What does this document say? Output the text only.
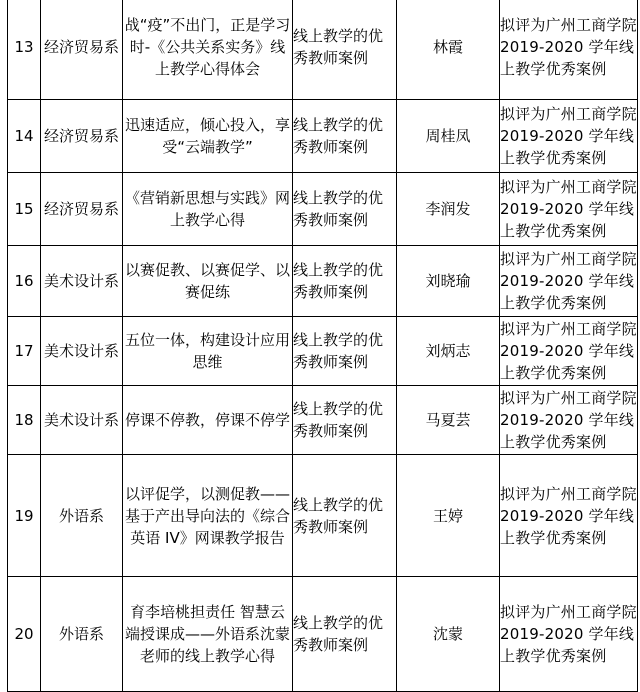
13	经济贸易系	战“疫”不出门，正是学习时-《公共关系实务》线上教学心得体会	线上教学的优秀教师案例	林霞	拟评为广州工商学院 2019-2020 学年线上教学优秀案例
14	经济贸易系	迅速适应，倾心投入，享受“云端教学”	线上教学的优秀教师案例	周桂凤	拟评为广州工商学院 2019-2020 学年线上教学优秀案例
15	经济贸易系	《营销新思想与实践》网上教学心得	线上教学的优秀教师案例	李润发	拟评为广州工商学院 2019-2020 学年线上教学优秀案例
16	美术设计系	以赛促教、以赛促学、以赛促练	线上教学的优秀教师案例	刘晓瑜	拟评为广州工商学院 2019-2020 学年线上教学优秀案例
17	美术设计系	五位一体，构建设计应用思维	线上教学的优秀教师案例	刘炳志	拟评为广州工商学院 2019-2020 学年线上教学优秀案例
18	美术设计系	停课不停教，停课不停学	线上教学的优秀教师案例	马夏芸	拟评为广州工商学院 2019-2020 学年线上教学优秀案例
19	外语系	以评促学，以测促教——基于产出导向法的《综合英语 IV》网课教学报告	线上教学的优秀教师案例	王婷	拟评为广州工商学院 2019-2020 学年线上教学优秀案例
20	外语系	育李培桃担责任 智慧云端授课成——外语系沈蒙老师的线上教学心得	线上教学的优秀教师案例	沈蒙	拟评为广州工商学院 2019-2020 学年线上教学优秀案例
